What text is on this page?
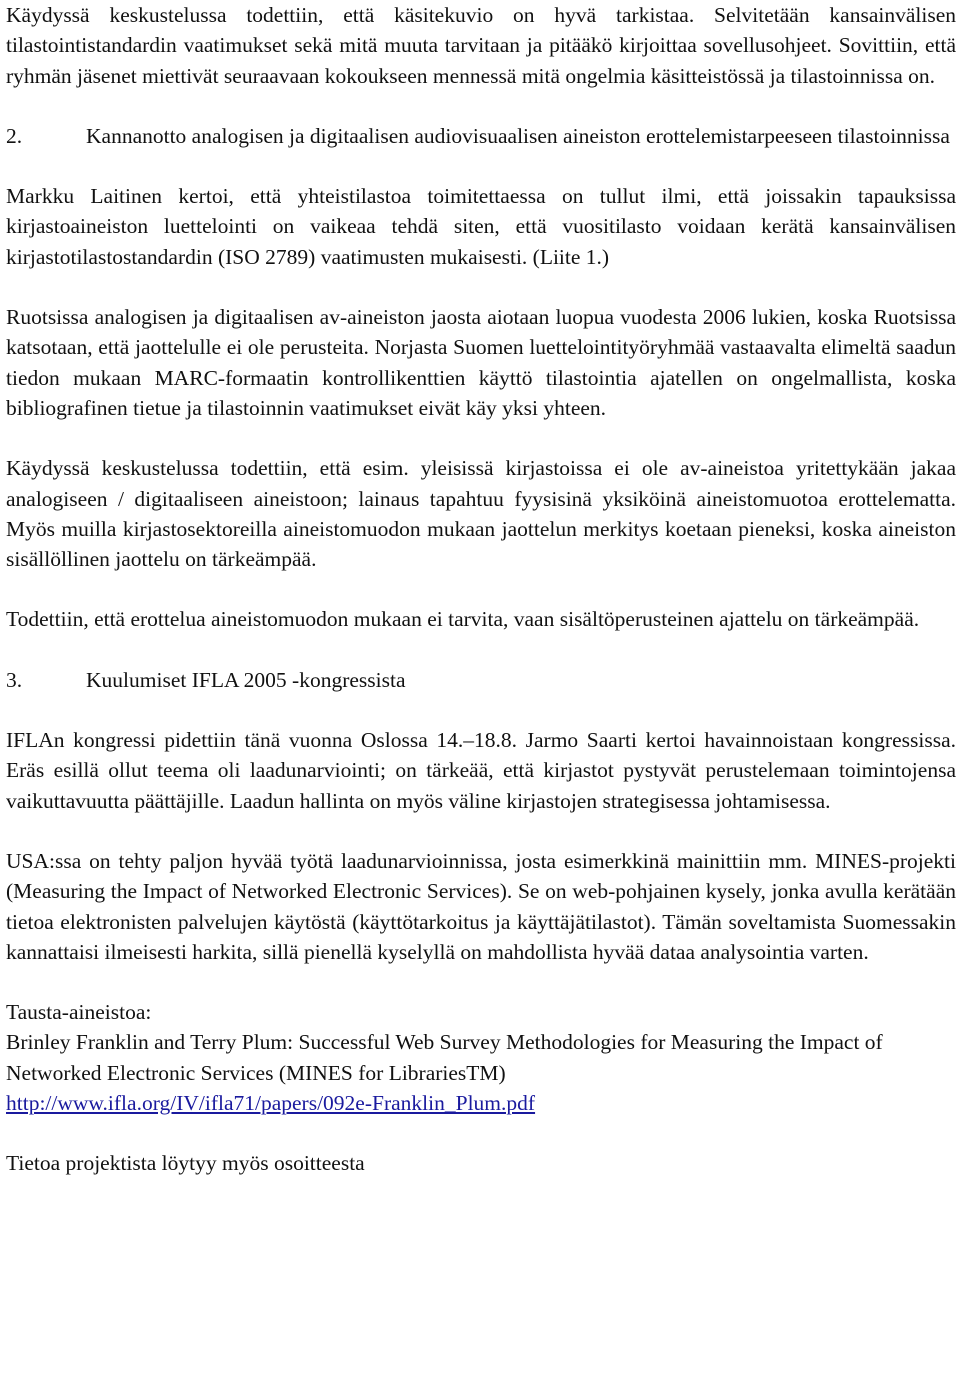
Käydyssä keskustelussa todettiin, että käsitekuvio on hyvä tarkistaa. Selvitetään kansainvälisen tilastointistandardin vaatimukset sekä mitä muuta tarvitaan ja pitääkö kirjoittaa sovellusohjeet. Sovittiin, että ryhmän jäsenet miettivät seuraavaan kokoukseen mennessä mitä ongelmia käsitteistössä ja tilastoinnissa on.

2.	Kannanotto analogisen ja digitaalisen audiovisuaalisen aineiston erottelemistarpeeseen tilastoinnissa

Markku Laitinen kertoi, että yhteistilastoa toimitettaessa on tullut ilmi, että joissakin tapauksissa kirjastoaineiston luettelointi on vaikeaa tehdä siten, että vuositilasto voidaan kerätä kansainvälisen kirjastotilastostandardin (ISO 2789) vaatimusten mukaisesti. (Liite 1.)

Ruotsissa analogisen ja digitaalisen av-aineiston jaosta aiotaan luopua vuodesta 2006 lukien, koska Ruotsissa katsotaan, että jaottelulle ei ole perusteita. Norjasta Suomen luettelointityöryhmää vastaavalta elimeltä saadun tiedon mukaan MARC-formaatin kontrollikenttien käyttö tilastointia ajatellen on ongelmallista, koska bibliografinen tietue ja tilastoinnin vaatimukset eivät käy yksi yhteen.

Käydyssä keskustelussa todettiin, että esim. yleisissä kirjastoissa ei ole av-aineistoa yritettykään jakaa analogiseen / digitaaliseen aineistoon; lainaus tapahtuu fyysisinä yksiköinä aineistomuotoa erottelematta. Myös muilla kirjastosektoreilla aineistomuodon mukaan jaottelun merkitys koetaan pieneksi, koska aineiston sisällöllinen jaottelu on tärkeämpää.

Todettiin, että erottelua aineistomuodon mukaan ei tarvita, vaan sisältöperusteinen ajattelu on tärkeämpää.

3.	Kuulumiset IFLA 2005 -kongressista

IFLAn kongressi pidettiin tänä vuonna Oslossa 14.–18.8. Jarmo Saarti kertoi havainnoistaan kongressissa. Eräs esillä ollut teema oli laadunarviointi; on tärkeää, että kirjastot pystyvät perustelemaan toimintojensa vaikuttavuutta päättäjille. Laadun hallinta on myös väline kirjastojen strategisessa johtamisessa.

USA:ssa on tehty paljon hyvää työtä laadunarvioinnissa, josta esimerkkinä mainittiin mm. MINES-projekti (Measuring the Impact of Networked Electronic Services). Se on web-pohjainen kysely, jonka avulla kerätään tietoa elektronisten palvelujen käytöstä (käyttötarkoitus ja käyttäjätilastot). Tämän soveltamista Suomessakin kannattaisi ilmeisesti harkita, sillä pienellä kyselyllä on mahdollista hyvää dataa analysointia varten.

Tausta-aineistoa:
Brinley Franklin and Terry Plum: Successful Web Survey Methodologies for Measuring the Impact of Networked Electronic Services (MINES for LibrariesTM)
http://www.ifla.org/IV/ifla71/papers/092e-Franklin_Plum.pdf

Tietoa projektista löytyy myös osoitteesta
